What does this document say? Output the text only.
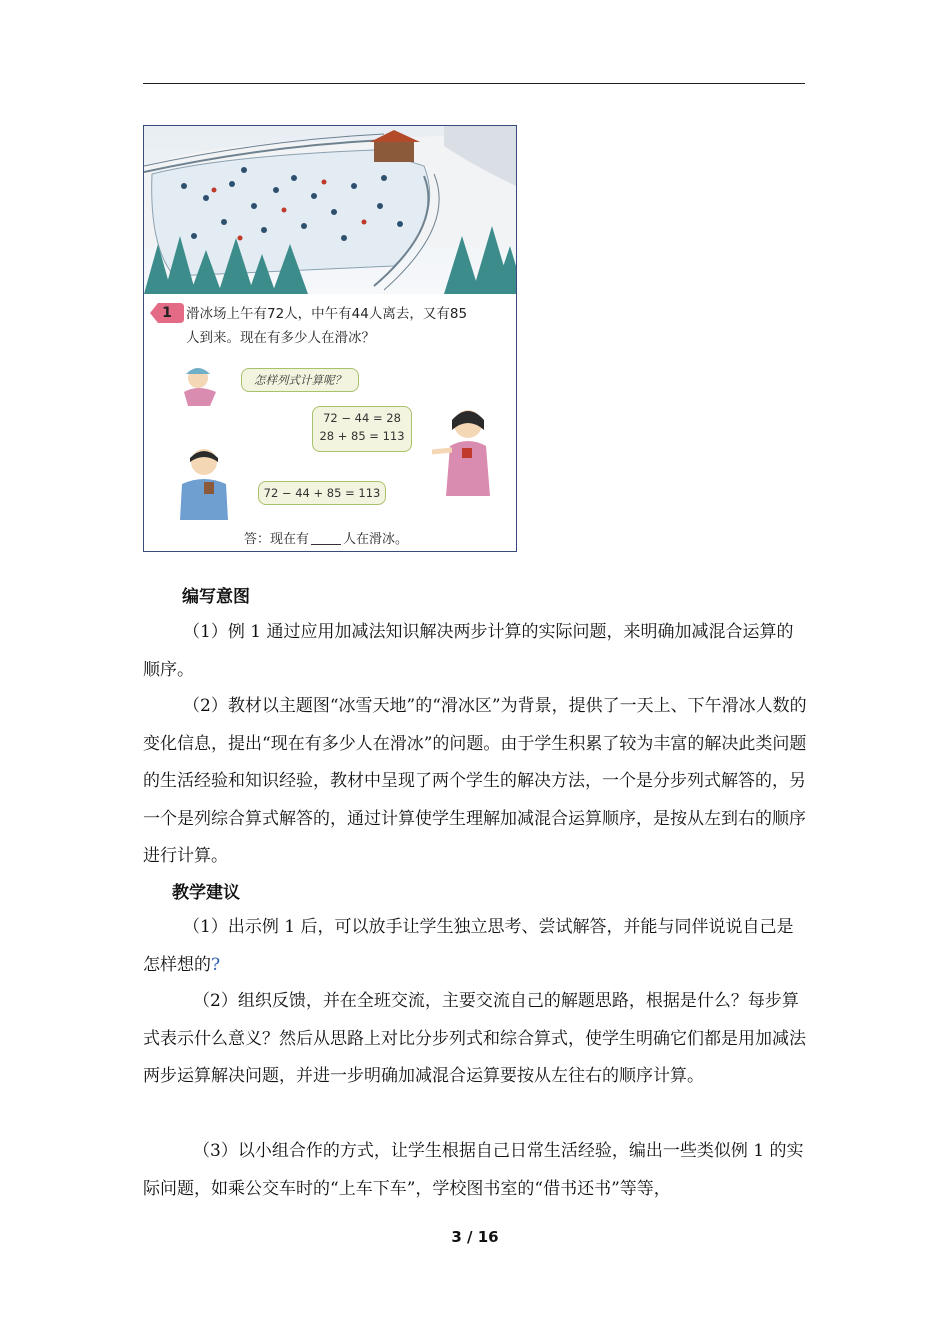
1	滑冰场上午有72人，中午有44人离去，又有85
人到来。现在有多少人在滑冰？
怎样列式计算呢？
72 − 44 = 28
28 + 85 = 113
72 − 44 + 85 = 113
答：现在有	人在滑冰。
编写意图

（1）例 1 通过应用加减法知识解决两步计算的实际问题，来明确加减混合运算的顺序。

（2）教材以主题图“冰雪天地”的“滑冰区”为背景，提供了一天上、下午滑冰人数的变化信息，提出“现在有多少人在滑冰”的问题。由于学生积累了较为丰富的解决此类问题的生活经验和知识经验，教材中呈现了两个学生的解决方法，一个是分步列式解答的，另一个是列综合算式解答的，通过计算使学生理解加减混合运算顺序，是按从左到右的顺序进行计算。

教学建议

（1）出示例 1 后，可以放手让学生独立思考、尝试解答，并能与同伴说说自己是怎样想的?

（2）组织反馈，并在全班交流，主要交流自己的解题思路，根据是什么？每步算式表示什么意义？然后从思路上对比分步列式和综合算式，使学生明确它们都是用加减法两步运算解决问题，并进一步明确加减混合运算要按从左往右的顺序计算。

（3）以小组合作的方式，让学生根据自己日常生活经验，编出一些类似例 1 的实际问题，如乘公交车时的“上车下车”，学校图书室的“借书还书”等等，

3 / 16
